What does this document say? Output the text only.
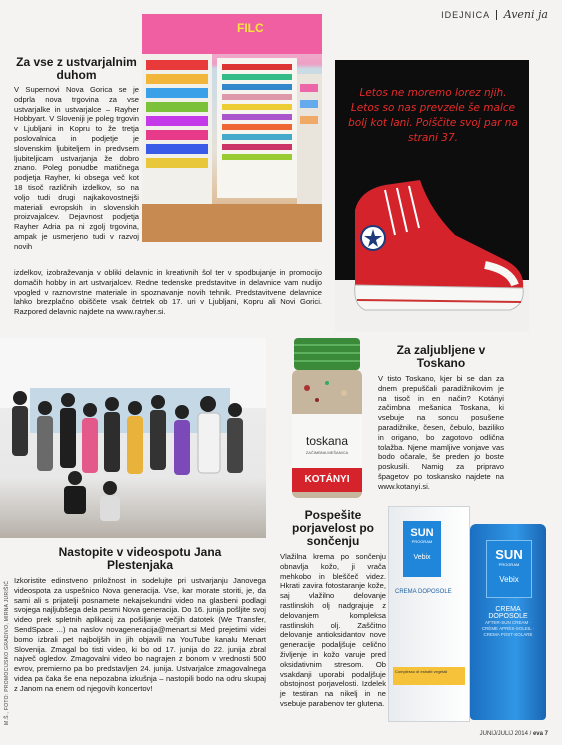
IDEJNICA Aveni ja
FILC
Za vse z ustvarjalnim duhom

V Supernovi Nova Gorica se je odprla nova trgovina za vse ustvarjalke in ustvarjalce – Rayher Hobbyart. V Sloveniji je poleg trgovin v Ljubljani in Kopru to že tretja poslovalnica in podjetje je slovenskim ljubiteljem in predvsem ljubiteljicam ustvarjanja že dobro znano. Poleg ponudbe matičnega podjetja Rayher, ki obsega več kot 18 tisoč različnih izdelkov, so na voljo tudi drugi najkakovostnejši materiali evropskih in slovenskih proizvajalcev. Dejavnost podjetja Rayher Adria pa ni zgolj trgovina, ampak je usmerjeno tudi v razvoj novih

izdelkov, izobraževanja v obliki delavnic in kreativnih šol ter v spodbujanje in promocijo domačih hobby in art ustvarjalcev. Redne tedenske predstavitve in delavnice vam nudijo vpogled v raznovrstne materiale in spoznavanje novih tehnik. Predstavitvene delavnice lahko brezplačno obiščete vsak četrtek ob 17. uri v Ljubljani, Kopru ali Novi Gorici. Razpored delavnic najdete na www.rayher.si.

Letos ne moremo lorez njih. Letos so nas prevzele še malce bolj kot lani. Poiščite svoj par na strani 37.
M.Š., FOTO: PROMOCIJSKO GRADIVO, MIRNA JURIŠIĆ
Nastopite v videospotu Jana Plestenjaka

Izkoristite edinstveno priložnost in sodelujte pri ustvarjanju Janovega videospota za uspešnico Nova generacija. Vse, kar morate storiti, je, da sami ali s prijatelji posnamete nekajsekundni video na glasbeni podlagi svojega najljubšega dela pesmi Nova generacija. Do 16. junija pošljite svoj video prek spletnih aplikacij za pošiljanje večjih datotek (We Transfer, SendSpace ...) na naslov novageneracija@menart.si Med prejetimi videi bomo izbrali pet najboljših in jih objavili na YouTube kanalu Menart Slovenija. Zmagal bo tisti video, ki bo od 17. junija do 22. junija zbral največ ogledov. Zmagovalni video bo nagrajen z bonom v vrednosti 500 evrov, premierno pa bo predstavljen 24. junija. Ustvarjalce zmagovalnega videa pa čaka še ena nepozabna izkušnja – nastopili bodo na odru skupaj z Janom na enem od njegovih koncertov!

toskana
ZAČIMBNA MEŠANICA
KOTÁNYI
Za zaljubljene v Toskano

V tisto Toskano, kjer bi se dan za dnem prepuščali paradižnikovim je na tisoč in en način? Kotányi začimbna mešanica Toskana, ki vsebuje na soncu posušene paradižnike, česen, čebulo, baziliko in origano, bo zagotovo odlična tolažba. Njene mamljive vonjave vas bodo očarale, še preden jo boste poskusili. Namig za pripravo špagetov po toskansko najdete na www.kotanyi.si.

Pospešite porjavelost po sončenju

Vlažilna krema po sončenju obnavlja kožo, ji vrača mehkobo in bleščeč videz. Hkrati zavira fotostaranje kože, saj vlažilno delovanje rastlinskih olj nadgrajuje z delovanjem kompleksa rastlinskih olj. Zaščitno delovanje antioksidantov nove generacije podaljšuje celično življenje in kožo varuje pred oksidativnim stresom. Ob vsakdanji uporabi podaljšuje obstojnost porjavelosti. Izdelek je testiran na nikelj in ne vsebuje parabenov ter glutena.

SUN
PROGRAM
Vebix
CREMA DOPOSOLE
Complesso di estratti vegetali
SUN
PROGRAM
Vebix
CREMA DOPOSOLE
AFTER-SUN CREAM · CRÈME APRÈS-SOLEIL · CREMA POST-SOLARE
JUNIJ/JULIJ 2014 / eva 7
